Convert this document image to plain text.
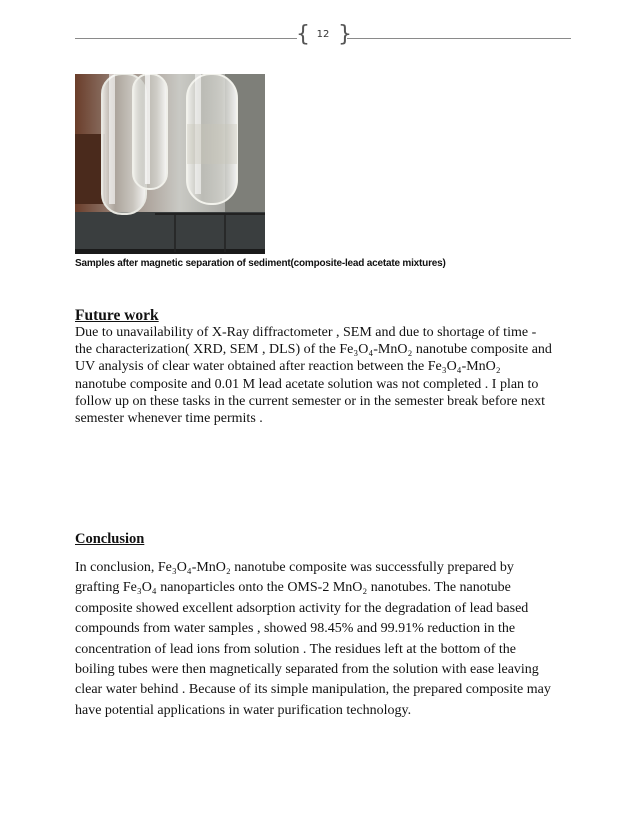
{ }
12
Samples after magnetic separation of sediment(composite-lead acetate mixtures)
Future work
Due to unavailability of X-Ray diffractometer , SEM and due to shortage of time -
the characterization( XRD, SEM , DLS) of the Fe₃O₄-MnO₂ nanotube composite and
UV analysis of clear water obtained after reaction between the Fe₃O₄-MnO₂
nanotube composite and 0.01 M lead acetate solution was not completed . I plan to
follow up on these tasks in the current semester or in the semester break before next
semester whenever time permits .
Conclusion
In conclusion, Fe₃O₄-MnO₂ nanotube composite was successfully prepared by
grafting Fe₃O₄ nanoparticles onto the OMS-2 MnO₂ nanotubes. The nanotube
composite showed excellent adsorption activity for the degradation of lead based
compounds from water samples , showed 98.45% and 99.91% reduction in the
concentration of lead ions from solution . The residues left at the bottom of the
boiling tubes were then magnetically separated from the solution with ease leaving
clear water behind . Because of its simple manipulation, the prepared composite may
have potential applications in water purification technology.
